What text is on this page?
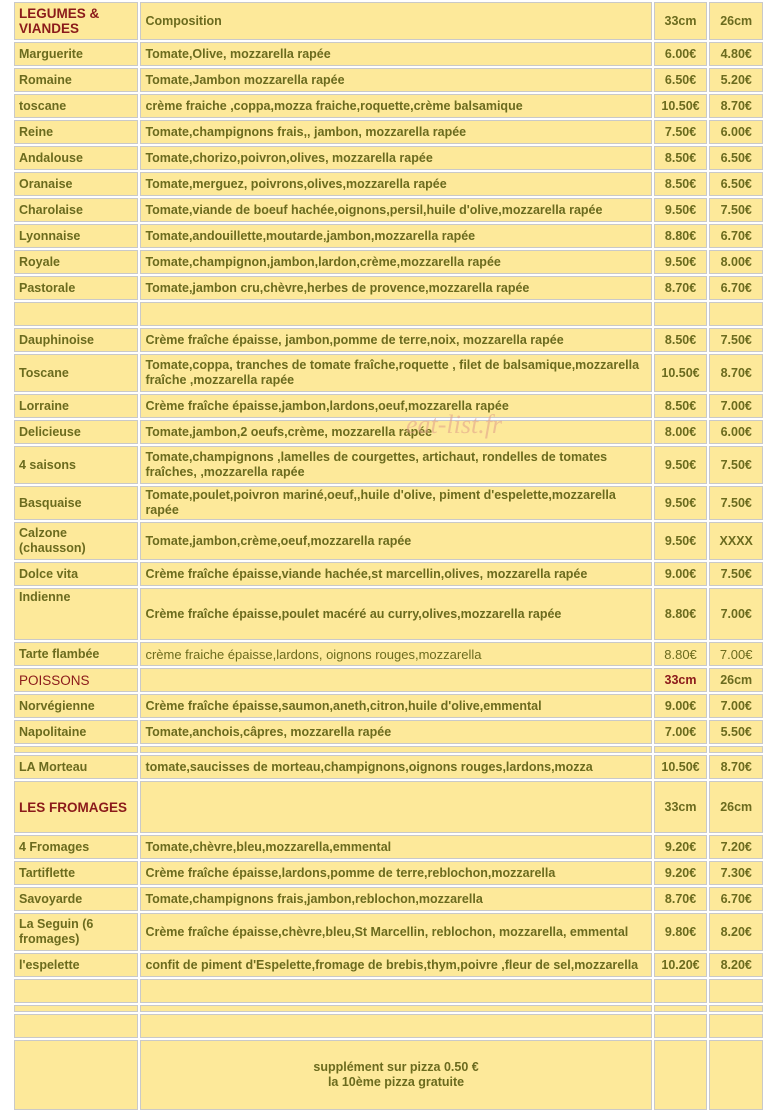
LEGUMES & VIANDES	Composition	33cm	26cm
Marguerite	Tomate,Olive, mozzarella rapée	6.00€	4.80€
Romaine	Tomate,Jambon mozzarella rapée	6.50€	5.20€
toscane	crème fraiche ,coppa,mozza fraiche,roquette,crème balsamique	10.50€	8.70€
Reine	Tomate,champignons frais,, jambon, mozzarella rapée	7.50€	6.00€
Andalouse	Tomate,chorizo,poivron,olives, mozzarella rapée	8.50€	6.50€
Oranaise	Tomate,merguez, poivrons,olives,mozzarella rapée	8.50€	6.50€
Charolaise	Tomate,viande de boeuf hachée,oignons,persil,huile d'olive,mozzarella rapée	9.50€	7.50€
Lyonnaise	Tomate,andouillette,moutarde,jambon,mozzarella rapée	8.80€	6.70€
Royale	Tomate,champignon,jambon,lardon,crème,mozzarella rapée	9.50€	8.00€
Pastorale	Tomate,jambon cru,chèvre,herbes de provence,mozzarella rapée	8.70€	6.70€

Dauphinoise	Crème fraîche épaisse, jambon,pomme de terre,noix, mozzarella rapée	8.50€	7.50€
Toscane	Tomate,coppa, tranches de tomate fraîche,roquette , filet de balsamique,mozzarella fraîche ,mozzarella rapée	10.50€	8.70€
Lorraine	Crème fraîche épaisse,jambon,lardons,oeuf,mozzarella rapée	8.50€	7.00€
Delicieuse	Tomate,jambon,2 oeufs,crème, mozzarella rapée	8.00€	6.00€
4 saisons	Tomate,champignons ,lamelles de courgettes, artichaut, rondelles de tomates fraîches, ,mozzarella rapée	9.50€	7.50€
Basquaise	Tomate,poulet,poivron mariné,oeuf,,huile d'olive, piment d'espelette,mozzarella rapée	9.50€	7.50€
Calzone (chausson)	Tomate,jambon,crème,oeuf,mozzarella rapée	9.50€	XXXX
Dolce vita	Crème fraîche épaisse,viande hachée,st marcellin,olives, mozzarella rapée	9.00€	7.50€
Indienne	Crème fraîche épaisse,poulet macéré au curry,olives,mozzarella rapée	8.80€	7.00€
Tarte flambée	crème fraiche épaisse,lardons, oignons rouges,mozzarella	8.80€	7.00€
POISSONS		33cm	26cm
Norvégienne	Crème fraîche épaisse,saumon,aneth,citron,huile d'olive,emmental	9.00€	7.00€
Napolitaine	Tomate,anchois,câpres, mozzarella rapée	7.00€	5.50€

LA Morteau	tomate,saucisses de morteau,champignons,oignons rouges,lardons,mozza	10.50€	8.70€
LES FROMAGES		33cm	26cm
4 Fromages	Tomate,chèvre,bleu,mozzarella,emmental	9.20€	7.20€
Tartiflette	Crème fraîche épaisse,lardons,pomme de terre,reblochon,mozzarella	9.20€	7.30€
Savoyarde	Tomate,champignons frais,jambon,reblochon,mozzarella	8.70€	6.70€
La Seguin (6 fromages)	Crème fraîche épaisse,chèvre,bleu,St Marcellin, reblochon, mozzarella, emmental	9.80€	8.20€
l'espelette	confit de piment d'Espelette,fromage de brebis,thym,poivre ,fleur de sel,mozzarella	10.20€	8.20€

	supplément sur pizza 0.50 €
la 10ème pizza gratuite		

eat-list.fr
